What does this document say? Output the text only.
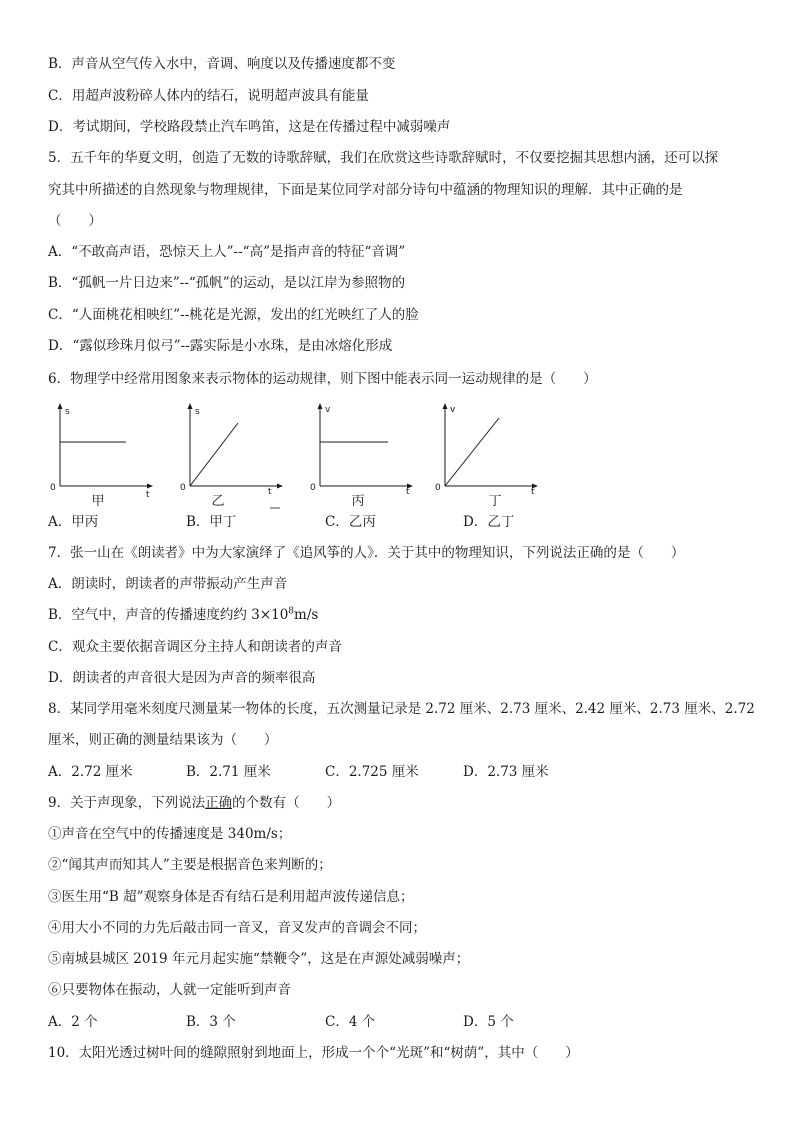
B．声音从空气传入水中，音调、响度以及传播速度都不变
C．用超声波粉碎人体内的结石，说明超声波具有能量
D．考试期间，学校路段禁止汽车鸣笛，这是在传播过程中减弱噪声
5．五千年的华夏文明，创造了无数的诗歌辞赋，我们在欣赏这些诗歌辞赋时，不仅要挖掘其思想内涵，还可以探
究其中所描述的自然现象与物理规律，下面是某位同学对部分诗句中蕴涵的物理知识的理解．其中正确的是
（　　）
A．“不敢高声语，恐惊天上人”--“高”是指声音的特征“音调”
B．“孤帆一片日边来”--“孤帆”的运动，是以江岸为参照物的
C．“人面桃花相映红”--桃花是光源，发出的红光映红了人的脸
D．“露似珍珠月似弓”--露实际是小水珠，是由冰熔化形成
6．物理学中经常用图象来表示物体的运动规律，则下图中能表示同一运动规律的是（　　）
s
0
t
甲
s
0	t
乙
v
0	t
丙
v
0	t
丁
A．甲丙	B．甲丁	C．乙丙	D．乙丁
7．张一山在《朗读者》中为大家演绎了《追风筝的人》．关于其中的物理知识，下列说法正确的是（　　）
A．朗读时，朗读者的声带振动产生声音
B．空气中，声音的传播速度约约 $3\times 10^8m/s$
C．观众主要依据音调区分主持人和朗读者的声音
D．朗读者的声音很大是因为声音的频率很高
8．某同学用毫米刻度尺测量某一物体的长度，五次测量记录是 2.72 厘米、2.73 厘米、2.42 厘米、2.73 厘米、2.72
厘米，则正确的测量结果该为（　　）
A．2.72 厘米	B．2.71 厘米	C．2.725 厘米	D．2.73 厘米
9．关于声现象，下列说法正确的个数有（　　）
①声音在空气中的传播速度是 340m/s；
②“闻其声而知其人”主要是根据音色来判断的；
③医生用“B 超”观察身体是否有结石是利用超声波传递信息；
④用大小不同的力先后敲击同一音叉，音叉发声的音调会不同；
⑤南城县城区 2019 年元月起实施“禁鞭令”，这是在声源处减弱噪声；
⑥只要物体在振动，人就一定能听到声音
A．2 个	B．3 个	C．4 个	D．5 个
10．太阳光透过树叶间的缝隙照射到地面上，形成一个个“光斑”和“树荫”，其中（　　）
